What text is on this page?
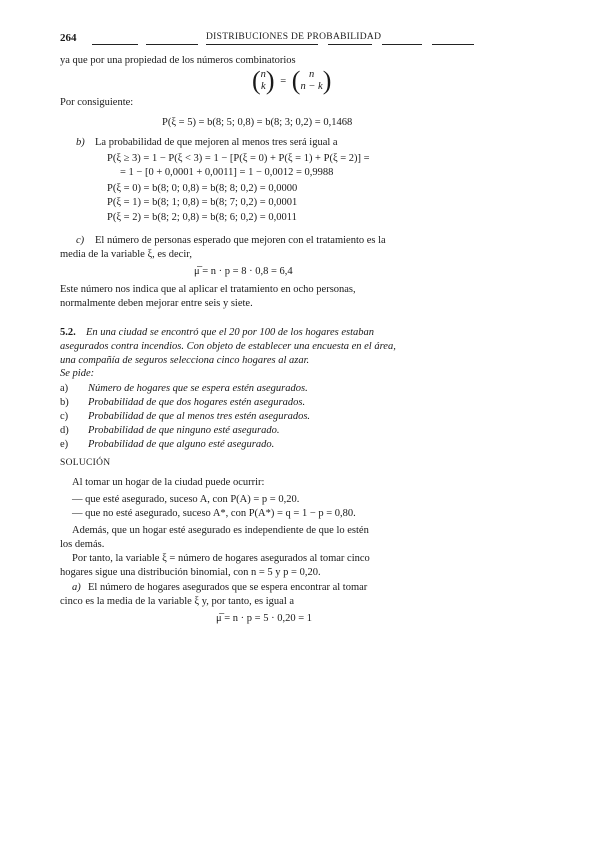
264	DISTRIBUCIONES DE PROBABILIDAD
ya que por una propiedad de los números combinatorios
(n
k) = ( n
n − k)
Por consiguiente:
P(ξ = 5) = b(8; 5; 0,8) = b(8; 3; 0,2) = 0,1468
b) La probabilidad de que mejoren al menos tres será igual a
P(ξ ≥ 3) = 1 − P(ξ < 3) = 1 − [P(ξ = 0) + P(ξ = 1) + P(ξ = 2)] =
= 1 − [0 + 0,0001 + 0,0011] = 1 − 0,0012 = 0,9988
P(ξ = 0) = b(8; 0; 0,8) = b(8; 8; 0,2) = 0,0000
P(ξ = 1) = b(8; 1; 0,8) = b(8; 7; 0,2) = 0,0001
P(ξ = 2) = b(8; 2; 0,8) = b(8; 6; 0,2) = 0,0011
c) El número de personas esperado que mejoren con el tratamiento es la
media de la variable ξ, es decir,
μ̅ = n · p = 8 · 0,8 = 6,4
Este número nos indica que al aplicar el tratamiento en ocho personas,
normalmente deben mejorar entre seis y siete.
5.2. En una ciudad se encontró que el 20 por 100 de los hogares estaban
asegurados contra incendios. Con objeto de establecer una encuesta en el área,
una compañía de seguros selecciona cinco hogares al azar.
Se pide:
a) Número de hogares que se espera estén asegurados.
b) Probabilidad de que dos hogares estén asegurados.
c) Probabilidad de que al menos tres estén asegurados.
d) Probabilidad de que ninguno esté asegurado.
e) Probabilidad de que alguno esté asegurado.
SOLUCIÓN
Al tomar un hogar de la ciudad puede ocurrir:
— que esté asegurado, suceso A, con P(A) = p = 0,20.
— que no esté asegurado, suceso A*, con P(A*) = q = 1 − p = 0,80.
Además, que un hogar esté asegurado es independiente de que lo estén
los demás.
Por tanto, la variable ξ = número de hogares asegurados al tomar cinco
hogares sigue una distribución binomial, con n = 5 y p = 0,20.
a) El número de hogares asegurados que se espera encontrar al tomar
cinco es la media de la variable ξ y, por tanto, es igual a
μ̅ = n · p = 5 · 0,20 = 1
